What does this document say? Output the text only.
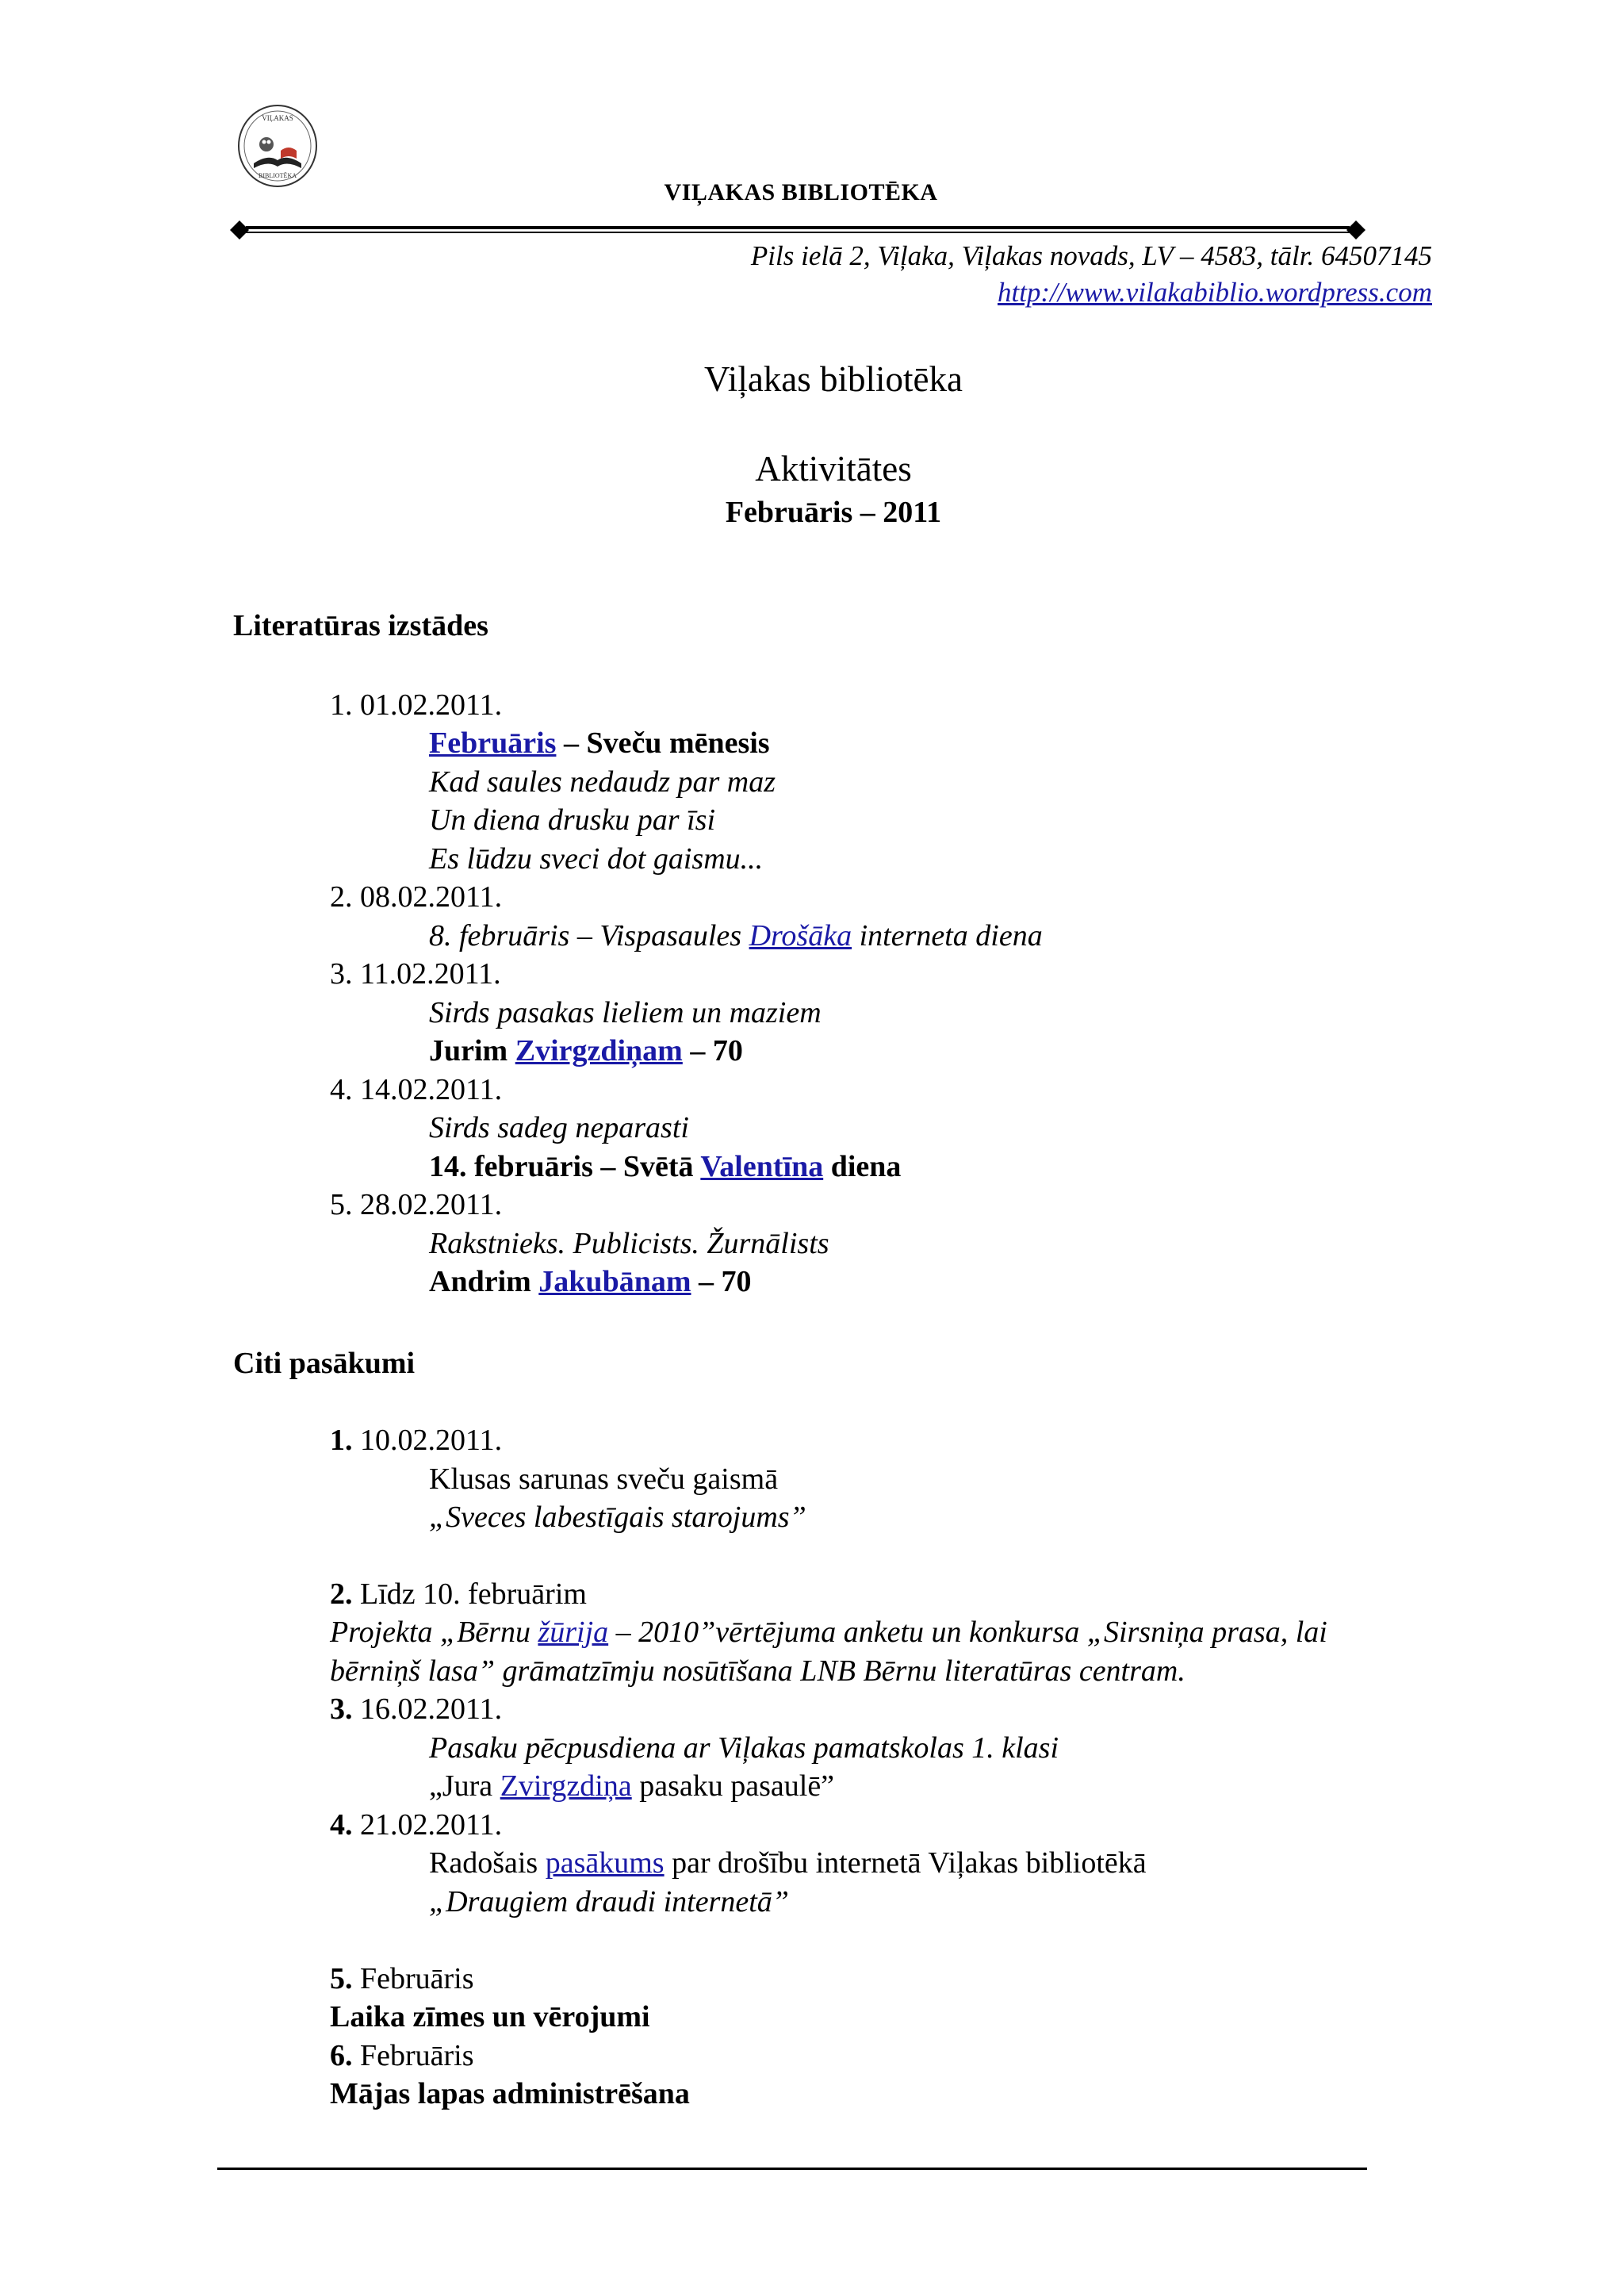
VIĻAKAS
BIBLIOTĒKA
VIĻAKAS BIBLIOTĒKA
Pils ielā 2, Viļaka, Viļakas novads, LV – 4583, tālr. 64507145
http://www.vilakabiblio.wordpress.com
Viļakas bibliotēka
Aktivitātes
Februāris – 2011
Literatūras izstādes
1. 01.02.2011.
Februāris – Sveču mēnesis
Kad saules nedaudz par maz
Un diena drusku par īsi
Es lūdzu sveci dot gaismu...
2. 08.02.2011.
8. februāris – Vispasaules Drošāka interneta diena
3. 11.02.2011.
Sirds pasakas lieliem un maziem
Jurim Zvirgzdiņam – 70
4. 14.02.2011.
Sirds sadeg neparasti
14. februāris – Svētā Valentīna diena
5. 28.02.2011.
Rakstnieks. Publicists. Žurnālists
Andrim Jakubānam – 70
Citi pasākumi
1. 10.02.2011.
Klusas sarunas sveču gaismā
„Sveces labestīgais starojums”
2. Līdz 10. februārim
Projekta „Bērnu žūrija – 2010”vērtējuma anketu un konkursa „Sirsniņa prasa, lai
bērniņš lasa” grāmatzīmju nosūtīšana LNB Bērnu literatūras centram.
3. 16.02.2011.
Pasaku pēcpusdiena ar Viļakas pamatskolas 1. klasi
„Jura Zvirgzdiņa pasaku pasaulē”
4. 21.02.2011.
Radošais pasākums par drošību internetā Viļakas bibliotēkā
„Draugiem draudi internetā”
5. Februāris
Laika zīmes un vērojumi
6. Februāris
Mājas lapas administrēšana
